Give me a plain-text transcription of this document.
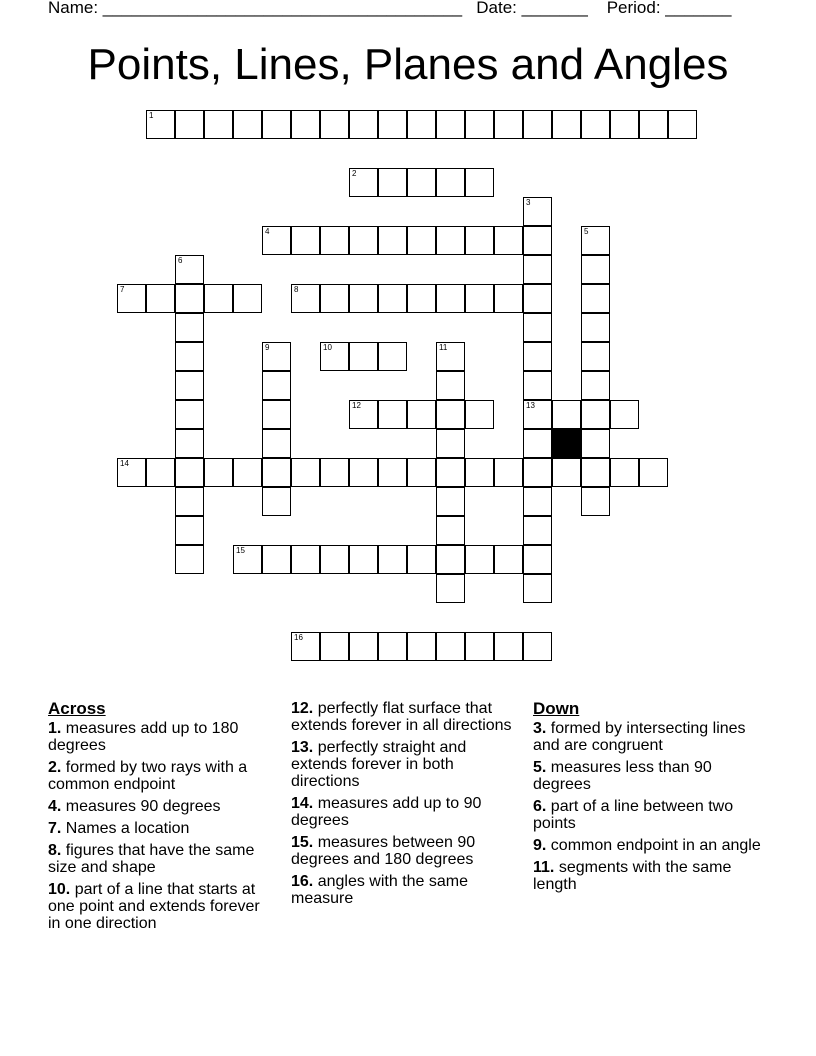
Name: ______________________________________ Date: _______ Period: _______
Points, Lines, Planes and Angles
1
2
4
7	8
10
12	13
14
15
16
3
5
6
9	11
Across

1. measures add up to 180 degrees

2. formed by two rays with a common endpoint

4. measures 90 degrees

7. Names a location

8. figures that have the same size and shape

10. part of a line that starts at one point and extends forever in one direction

12. perfectly flat surface that extends forever in all directions

13. perfectly straight and extends forever in both directions

14. measures add up to 90 degrees

15. measures between 90 degrees and 180 degrees

16. angles with the same measure

Down

3. formed by intersecting lines and are congruent

5. measures less than 90 degrees

6. part of a line between two points

9. common endpoint in an angle

11. segments with the same length
